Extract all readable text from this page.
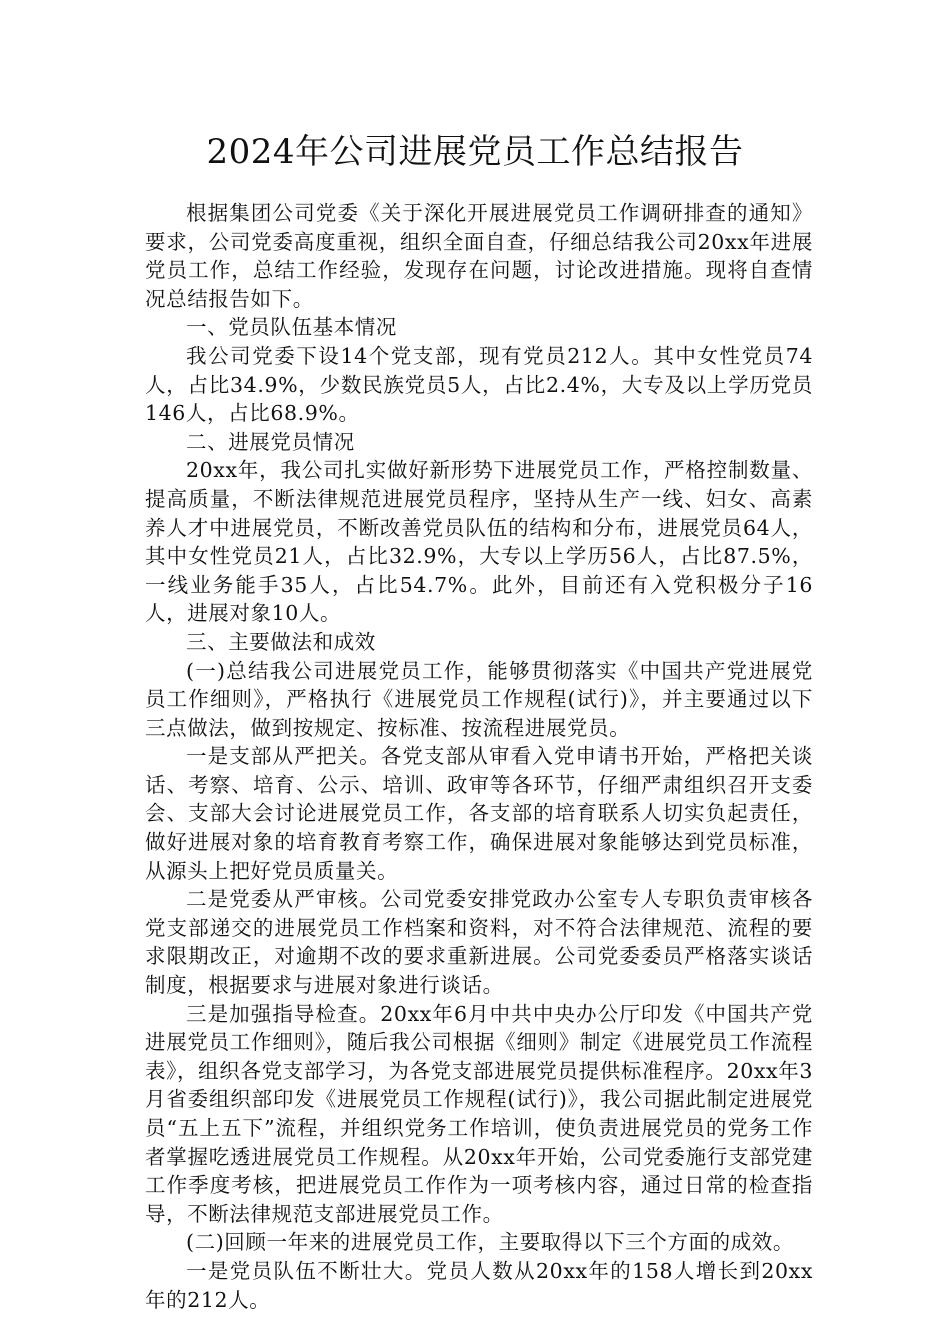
2024年公司进展党员工作总结报告

根据集团公司党委《关于深化开展进展党员工作调研排查的通知》要求，公司党委高度重视，组织全面自查，仔细总结我公司20xx年进展党员工作，总结工作经验，发现存在问题，讨论改进措施。现将自查情况总结报告如下。

一、党员队伍基本情况

我公司党委下设14个党支部，现有党员212人。其中女性党员74人，占比34.9%，少数民族党员5人，占比2.4%，大专及以上学历党员146人，占比68.9%。

二、进展党员情况

20xx年，我公司扎实做好新形势下进展党员工作，严格控制数量、提高质量，不断法律规范进展党员程序，坚持从生产一线、妇女、高素养人才中进展党员，不断改善党员队伍的结构和分布，进展党员64人，其中女性党员21人，占比32.9%，大专以上学历56人，占比87.5%，一线业务能手35人，占比54.7%。此外，目前还有入党积极分子16人，进展对象10人。

三、主要做法和成效

(一)总结我公司进展党员工作，能够贯彻落实《中国共产党进展党员工作细则》，严格执行《进展党员工作规程(试行)》，并主要通过以下三点做法，做到按规定、按标准、按流程进展党员。

一是支部从严把关。各党支部从审看入党申请书开始，严格把关谈话、考察、培育、公示、培训、政审等各环节，仔细严肃组织召开支委会、支部大会讨论进展党员工作，各支部的培育联系人切实负起责任，做好进展对象的培育教育考察工作，确保进展对象能够达到党员标准，从源头上把好党员质量关。

二是党委从严审核。公司党委安排党政办公室专人专职负责审核各党支部递交的进展党员工作档案和资料，对不符合法律规范、流程的要求限期改正，对逾期不改的要求重新进展。公司党委委员严格落实谈话制度，根据要求与进展对象进行谈话。

三是加强指导检查。20xx年6月中共中央办公厅印发《中国共产党进展党员工作细则》，随后我公司根据《细则》制定《进展党员工作流程表》，组织各党支部学习，为各党支部进展党员提供标准程序。20xx年3月省委组织部印发《进展党员工作规程(试行)》，我公司据此制定进展党员“五上五下”流程，并组织党务工作培训，使负责进展党员的党务工作者掌握吃透进展党员工作规程。从20xx年开始，公司党委施行支部党建工作季度考核，把进展党员工作作为一项考核内容，通过日常的检查指导，不断法律规范支部进展党员工作。

(二)回顾一年来的进展党员工作，主要取得以下三个方面的成效。

一是党员队伍不断壮大。党员人数从20xx年的158人增长到20xx年的212人。
